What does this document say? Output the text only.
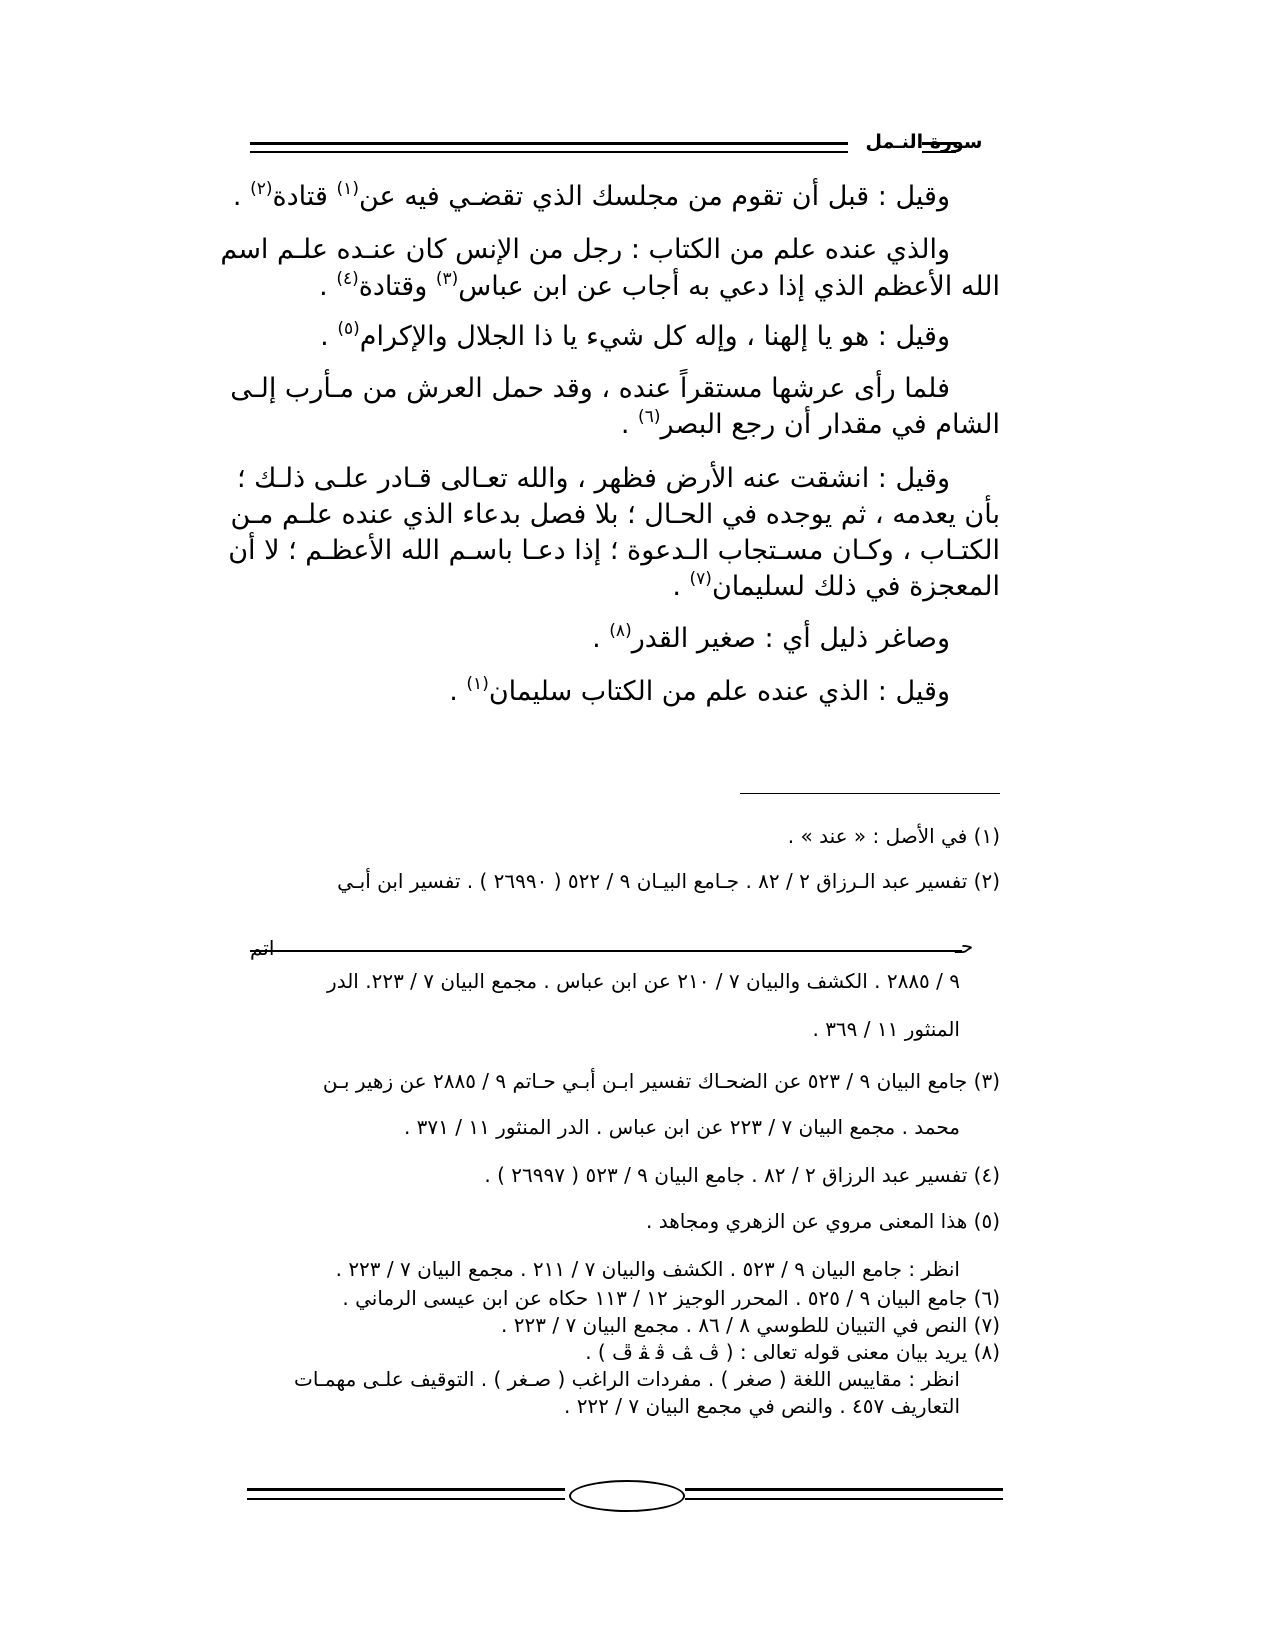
سورة النـمل
وقيل : قبل أن تقوم من مجلسك الذي تقضـي فيه عن$^{(١)}$ قتادة$^{(٢)}$ .
والذي عنده علم من الكتاب : رجل من الإنس كان عنـده علـم اسم
الله الأعظم الذي إذا دعي به أجاب عن ابن عباس$^{(٣)}$ وقتادة$^{(٤)}$ .
وقيل : هو يا إلهنا ، وإله كل شيء يا ذا الجلال والإكرام$^{(٥)}$ .
فلما رأى عرشها مستقراً عنده ، وقد حمل العرش من مـأرب إلـى
الشام في مقدار أن رجع البصر$^{(٦)}$ .
وقيل : انشقت عنه الأرض فظهر ، والله تعـالى قـادر علـى ذلـك ؛
بأن يعدمه ، ثم يوجده في الحـال ؛ بلا فصل بدعاء الذي عنده علـم مـن
الكتـاب ، وكـان مسـتجاب الـدعوة ؛ إذا دعـا باسـم الله الأعظـم ؛ لا أن
المعجزة في ذلك لسليمان$^{(٧)}$ .
وصاغر ذليل أي : صغير القدر$^{(٨)}$ .
وقيل : الذي عنده علم من الكتاب سليمان$^{(١)}$ .
(١) في الأصل : « عند » .
(٢) تفسير عبد الـرزاق ٢ / ٨٢ . جـامع البيـان ٩ / ٥٢٢ ( ٢٦٩٩٠ ) . تفسير ابن أبـي
اتم	حـ
٩ / ٢٨٨٥ . الكشف والبيان ٧ / ٢١٠ عن ابن عباس . مجمع البيان ٧ / ٢٢٣. الدر
المنثور ١١ / ٣٦٩ .
(٣) جامع البيان ٩ / ٥٢٣ عن الضحـاك تفسير ابـن أبـي حـاتم ٩ / ٢٨٨٥ عن زهير بـن
محمد . مجمع البيان ٧ / ٢٢٣ عن ابن عباس . الدر المنثور ١١ / ٣٧١ .
(٤) تفسير عبد الرزاق ٢ / ٨٢ . جامع البيان ٩ / ٥٢٣ ( ٢٦٩٩٧ ) .
(٥) هذا المعنى مروي عن الزهري ومجاهد .
انظر : جامع البيان ٩ / ٥٢٣ . الكشف والبيان ٧ / ٢١١ . مجمع البيان ٧ / ٢٢٣ .
(٦) جامع البيان ٩ / ٥٢٥ . المحرر الوجيز ١٢ / ١١٣ حكاه عن ابن عيسى الرماني .
(٧) النص في التبيان للطوسي ٨ / ٨٦ . مجمع البيان ٧ / ٢٢٣ .
(٨) يريد بيان معنى قوله تعالى : ( ﭪ ﭫ ﭬ ﭭ ﭮ ) .
انظر : مقاييس اللغة ( صغر ) . مفردات الراغب ( صـغر ) . التوقيف علـى مهمـات
التعاريف ٤٥٧ . والنص في مجمع البيان ٧ / ٢٢٢ .
